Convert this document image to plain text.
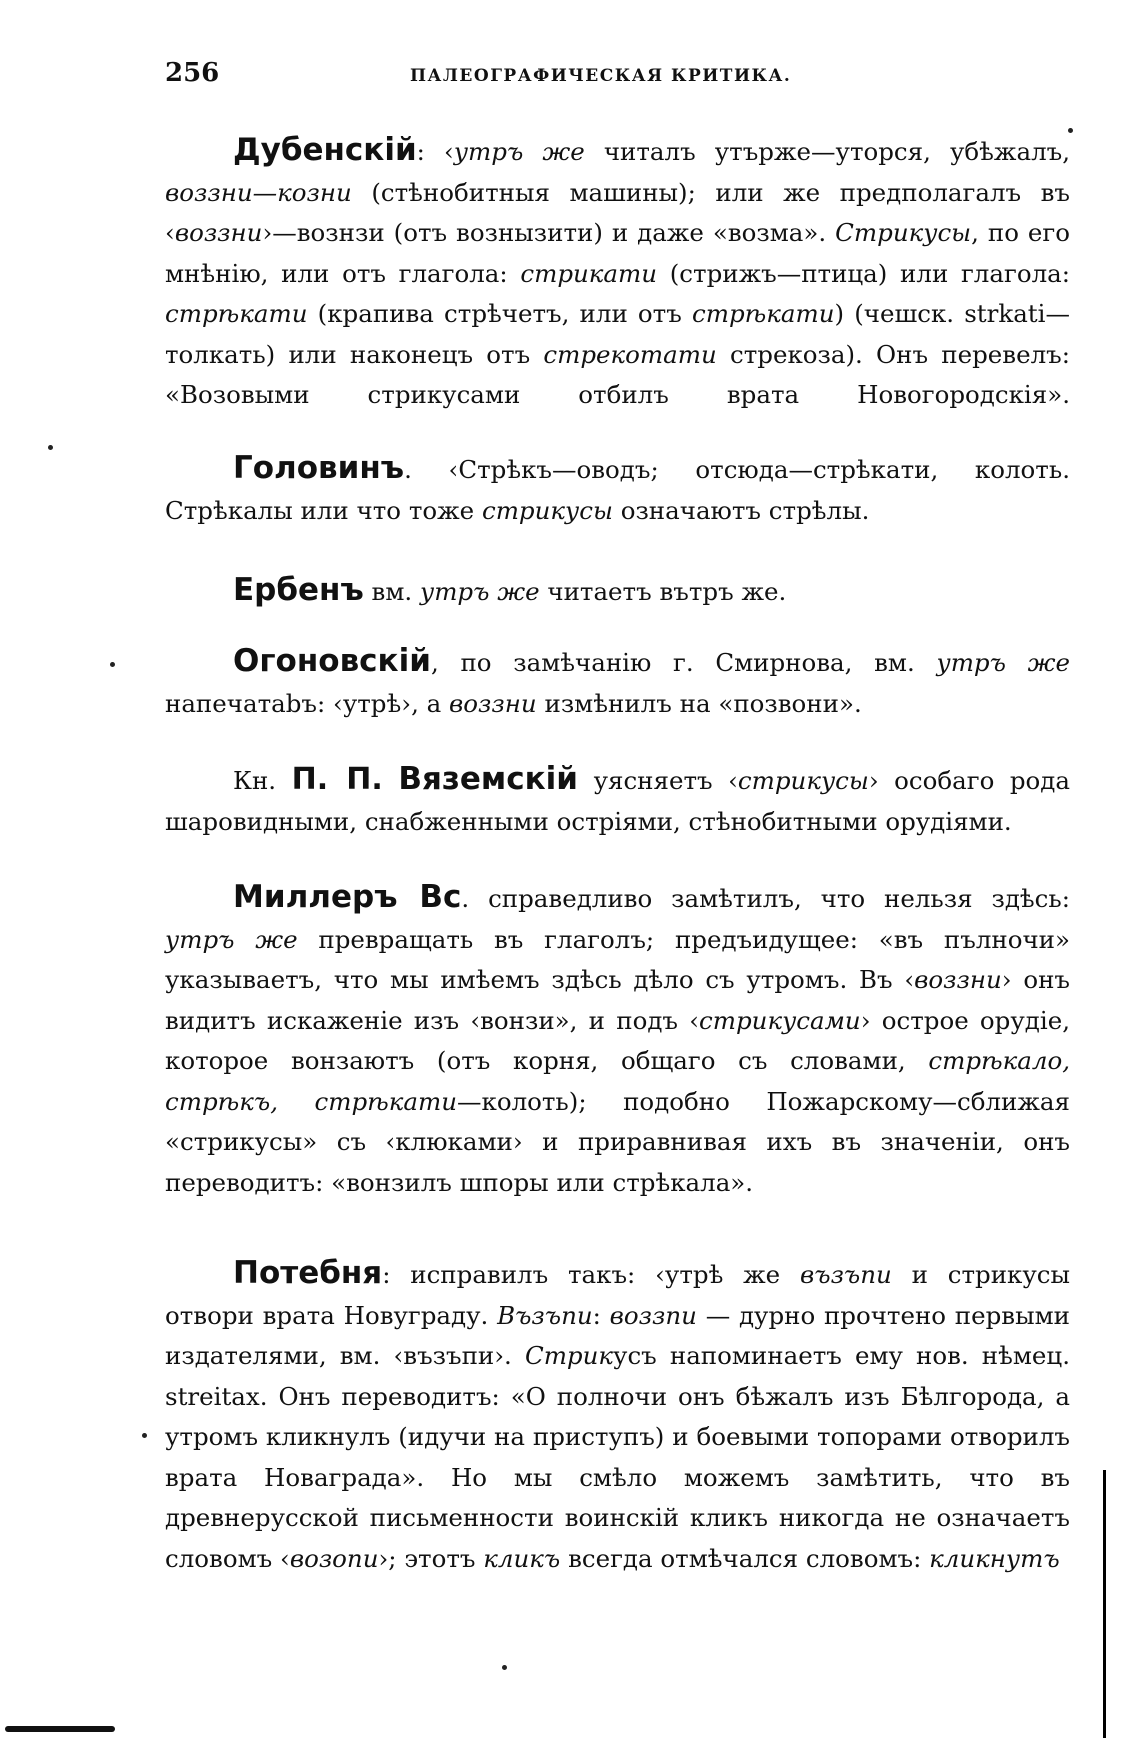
256	ПАЛЕОГРАФИЧЕСКАЯ КРИТИКА.
Дубенскій: ‹утръ же читалъ утърже—уторся, убѣжалъ, воззни—козни (стѣнобитныя машины); или же предполагалъ въ ‹воззни›—вознзи (отъ вознызити) и даже «возма». Стрикусы, по его мнѣнію, или отъ глагола: стрикати (стрижъ—птица) или глагола: стрѣкати (крапива стрѣчетъ, или отъ стрѣкати) (чешск. strkati—толкать) или наконецъ отъ стрекотати стрекоза). Онъ перевелъ: «Возовыми стрикусами отбилъ врата Новогородскія».
Головинъ. ‹Стрѣкъ—оводъ; отсюда—стрѣкати, колоть. Стрѣкалы или что тоже стрикусы означаютъ стрѣлы.
Ербенъ вм. утръ же читаетъ вътръ же.
Огоновскій, по замѣчанію г. Смирнова, вм. утръ же напечатаbъ: ‹утрѣ›, а воззни измѣнилъ на «позвони».
Кн. П. П. Вяземскій уясняетъ ‹стрикусы› особаго рода шаровидными, снабженными остріями, стѣнобитными орудіями.
Миллеръ Вс. справедливо замѣтилъ, что нельзя здѣсь: утръ же превращать въ глаголъ; предъидущее: «въ пълночи» указываетъ, что мы имѣемъ здѣсь дѣло съ утромъ. Въ ‹воззни› онъ видитъ искаженіе изъ ‹вонзи», и подъ ‹стрикусами› острое орудіе, которое вонзаютъ (отъ корня, общаго съ словами, стрѣкало, стрѣкъ, стрѣкати—колоть); подобно Пожарскому—сближая «стрикусы» съ ‹клюками› и приравнивая ихъ въ значеніи, онъ переводитъ: «вонзилъ шпоры или стрѣкала».
Потебня: исправилъ такъ: ‹утрѣ же възъпи и стрикусы отвори врата Новуграду. Възъпи: воззпи — дурно прочтено первыми издателями, вм. ‹възъпи›. Стрикусъ напоминаетъ ему нов. нѣмец. streitax. Онъ переводитъ: «О полночи онъ бѣжалъ изъ Бѣлгорода, а утромъ кликнулъ (идучи на приступъ) и боевыми топорами отворилъ врата Новаграда». Но мы смѣло можемъ замѣтить, что въ древнерусской письменности воинскій кликъ никогда не означаетъ словомъ ‹возопи›; этотъ кликъ всегда отмѣчался словомъ: кликнутъ
